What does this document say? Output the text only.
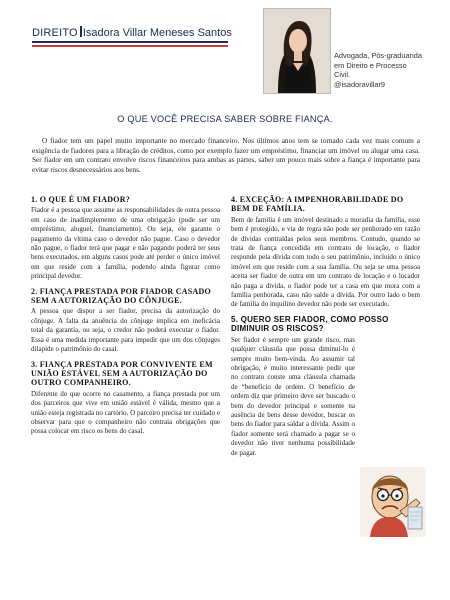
DIREITO Isadora Villar Meneses Santos
Advogada, Pós-graduanda
em Direito e Processo
Civil.
@isadoravillar9
O QUE VOCÊ PRECISA SABER SOBRE FIANÇA.

O fiador tem um papel muito importante no mercado financeiro. Nos últimos anos tem se tornado cada vez mais comum a exigência de fiadores para a libração de créditos, como por exemplo fazer um empréstimo, financiar um imóvel ou alugar uma casa. Ser fiador em um contrato envolve riscos financeiros para ambas as partes, saber um pouco mais sobre a fiança é importante para evitar riscos desnecessários aos bens.

1. O QUE É UM FIADOR?

Fiador é a pessoa que assume as responsabilidades de outra pessoa em caso de inadimplemento de uma obrigação (pode ser um empréstimo, aluguel, financiamento). Ou seja, ele garante o pagamento da vítima caso o devedor não pague. Caso o devedor não pague, o fiador terá que pagar e não pagando poderá ter seus bens executados, em alguns casos pode até perder o único imóvel em que reside com a família, podendo ainda figurar como principal devedor.

2. FIANÇA PRESTADA POR FIADOR CASADO SEM A AUTORIZAÇÃO DO CÔNJUGE.

A pessoa que dispor a ser fiador, precisa da autorização do cônjuge. A falta da anuência do cônjuge implica em ineficácia total da garantia, ou seja, o credor não poderá executar o fiador. Essa é uma medida importante para impedir que um dos cônjuges dilapide o patrimônio do casal.

3. FIANÇA PRESTADA POR CONVIVENTE EM UNIÃO ESTÁVEL SEM A AUTORIZAÇÃO DO OUTRO COMPANHEIRO.

Diferente do que ocorre no casamento, a fiança prestada por um dos parceiros que vive em união estável é válida, mesmo que a união esteja registrada no cartório. O parceiro precisa ter cuidado e observar para que o companheiro não contraia obrigações que possa colocar em risco os bens do casal.

4. EXCEÇÃO: A IMPENHORABILIDADE DO BEM DE FAMÍLIA.

Bem de família é um imóvel destinado a moradia da família, esse bem é protegido, e via de regra não pode ser penhorado em razão de dívidas contraídas pelos seus membros. Contudo, quando se trata de fiança concedida em contrato de locação, o fiador responde pela dívida com todo o seu patrimônio, incluído o único imóvel em que reside com a sua família. Ou seja se uma pessoa aceita ser fiador de outra em um contrato de locação e o locador não paga a dívida, o fiador pode ter a casa em que mora com a família penhorada, caso não salde a dívida. Por outro lado o bem de família do inquilino devedor não pode ser executado.

5. QUERO SER FIADOR, COMO POSSO DIMINUIR OS RISCOS?

Ser fiador é sempre um grande risco, mas qualquer cláusula que possa diminuí-lo é sempre muito bem-vinda. Ao assumir tal obrigação, é muito interessante pedir que no contrato conste uma cláusula chamada de “benefício de ordem. O benefício de ordem diz que primeiro deve ser buscado o bem do devedor principal e somente na ausência de bens desse devedor, buscar os bens do fiador para saldar a dívida. Assim o fiador somente será chamado a pagar se o devedor não tiver nenhuma possibilidade de pagar.
